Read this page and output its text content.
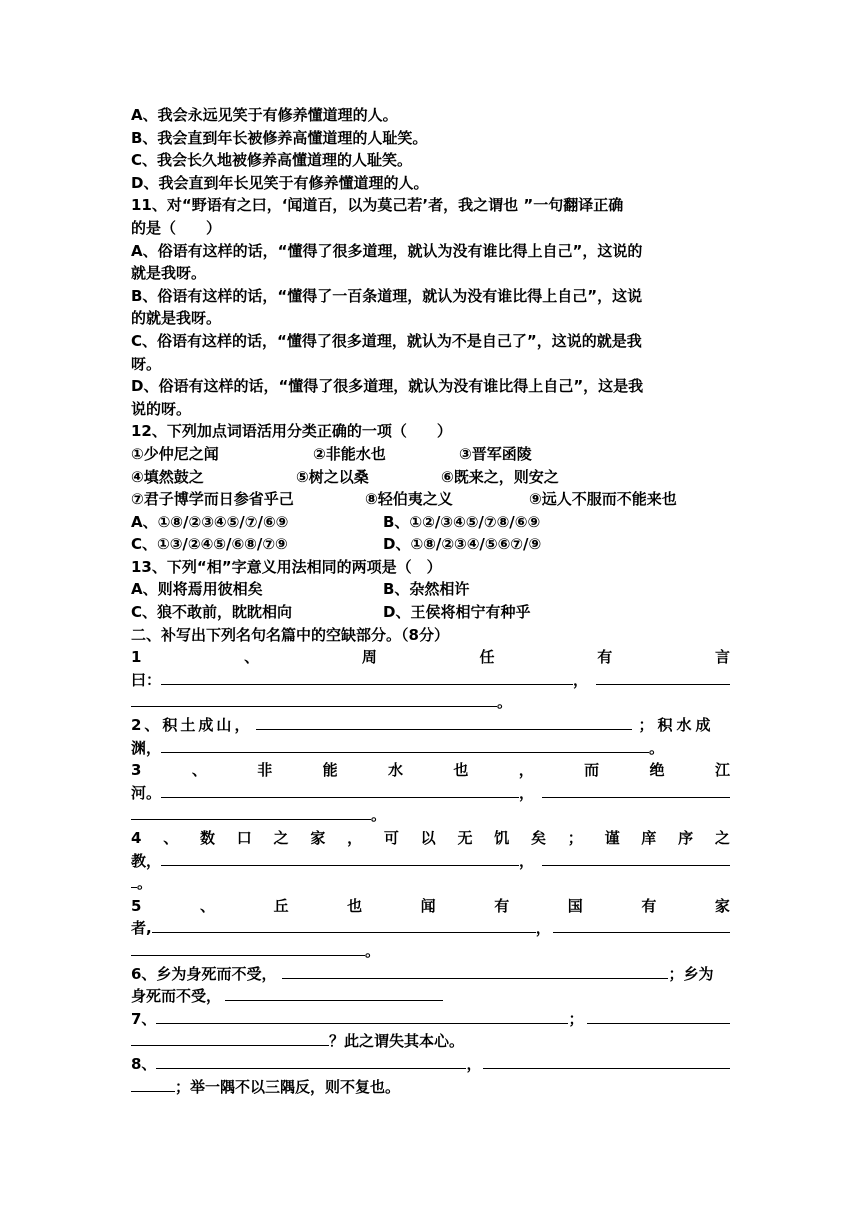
A、我会永远见笑于有修养懂道理的人。
B、我会直到年长被修养高懂道理的人耻笑。
C、我会长久地被修养高懂道理的人耻笑。
D、我会直到年长见笑于有修养懂道理的人。
11、对“野语有之曰，‘闻道百，以为莫己若’者，我之谓也 ”一句翻译正确
的是（　　）
A、俗语有这样的话，“懂得了很多道理，就认为没有谁比得上自己”，这说的
就是我呀。
B、俗语有这样的话，“懂得了一百条道理，就认为没有谁比得上自己”，这说
的就是我呀。
C、俗语有这样的话，“懂得了很多道理，就认为不是自己了”，这说的就是我
呀。
D、俗语有这样的话，“懂得了很多道理，就认为没有谁比得上自己”，这是我
说的呀。
12、下列加点词语活用分类正确的一项（　　）
①少仲尼之闻	②非能水也	③晋军函陵
④填然鼓之	⑤树之以桑	⑥既来之，则安之
⑦君子博学而日参省乎己	⑧轻伯夷之义	⑨远人不服而不能来也
A、①⑧/②③④⑤/⑦/⑥⑨	B、①②/③④⑤/⑦⑧/⑥⑨
C、①③/②④⑤/⑥⑧/⑦⑨	D、①⑧/②③④/⑤⑥⑦/⑨
13、下列“相”字意义用法相同的两项是（　）
A、则将焉用彼相矣	B、杂然相许
C、狼不敢前，眈眈相向	D、王侯将相宁有种乎
二、补写出下列名句名篇中的空缺部分。（8分）
1	、	周	任	有	言
曰：	，
。
2、积土成山，	；积水成
渊，	。
3	、	非	能	水	也	，	而	绝	江
河。	，
。
4 、 数 口 之 家 ， 可 以 无 饥 矣 ； 谨 庠 序 之
教，	，
。
5	、	丘	也	闻	有	国	有	家
者,	，
。
6、乡为身死而不受，	；乡为
身死而不受，
7、	；
？此之谓失其本心。
8、	，
；举一隅不以三隅反，则不复也。
